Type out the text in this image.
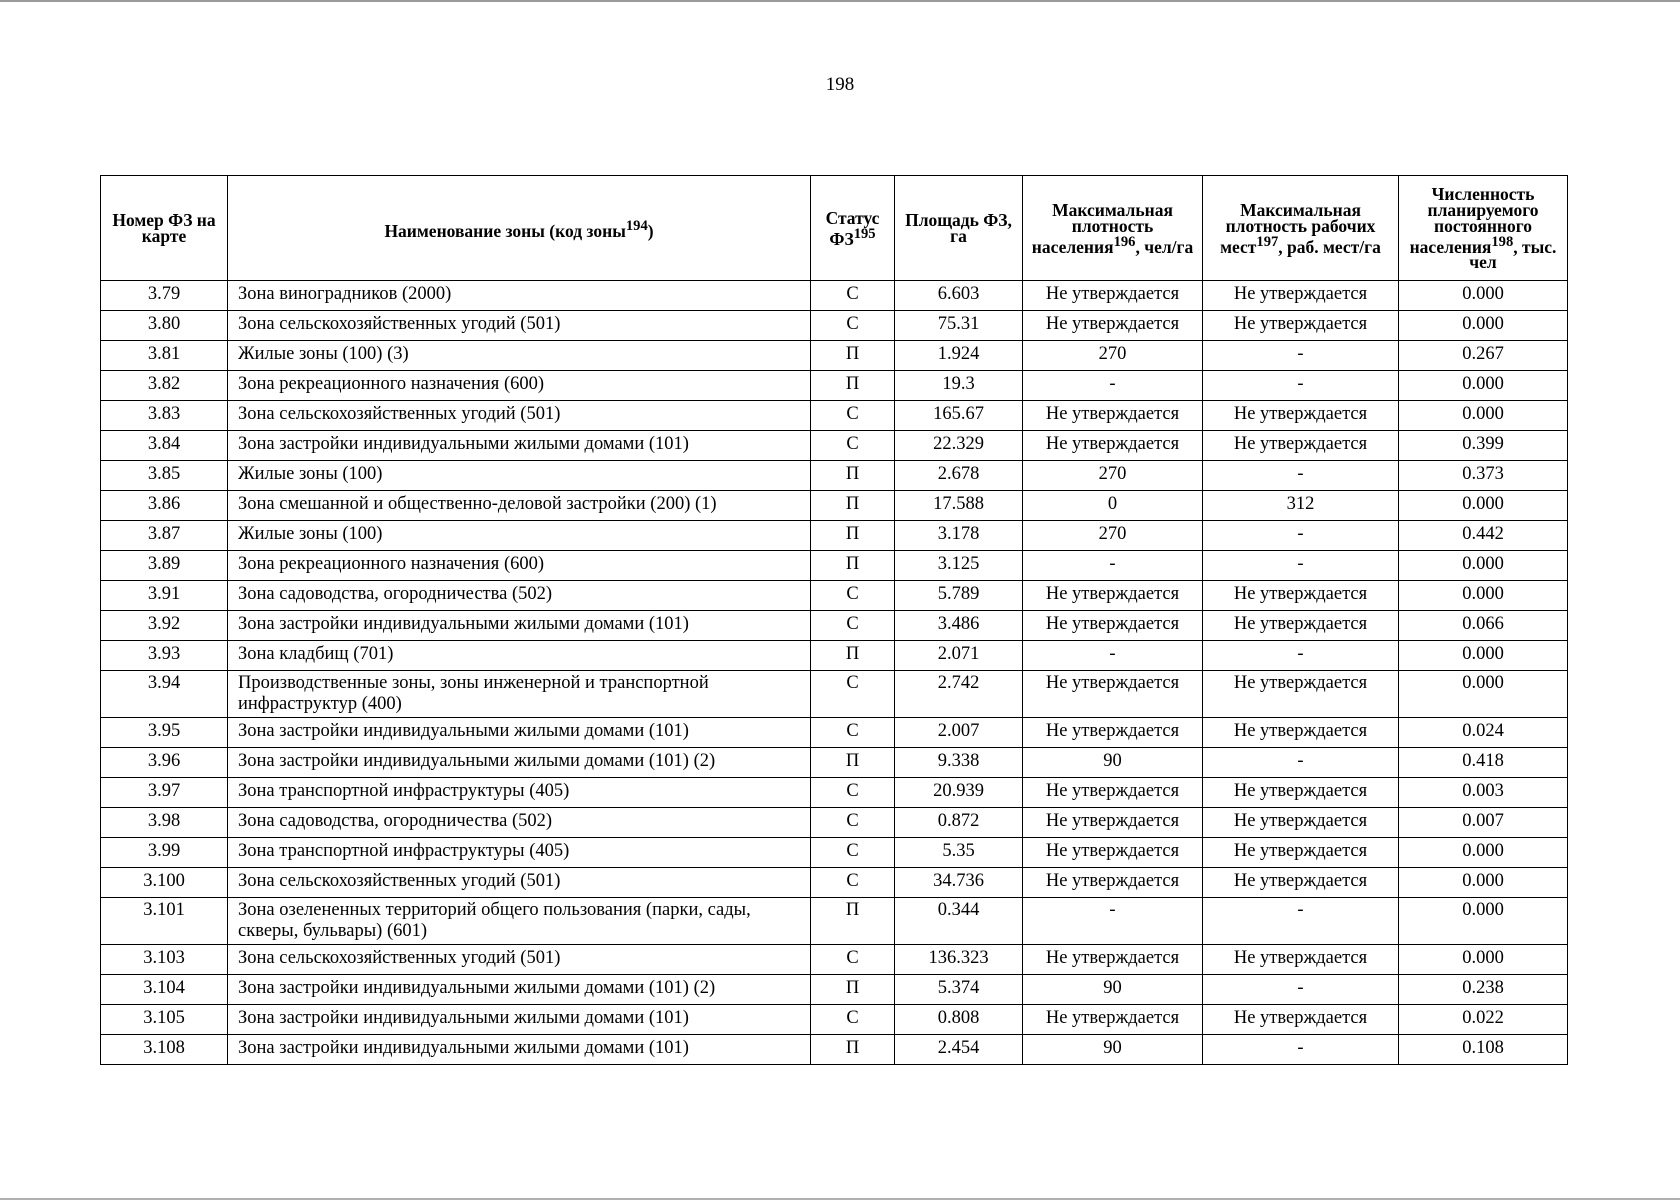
198
Номер ФЗ на карте	Наименование зоны (код зоны$^{194}$)	Статус ФЗ$^{195}$	Площадь ФЗ, га	Максимальная плотность населения$^{196}$, чел/га	Максимальная плотность рабочих мест$^{197}$, раб. мест/га	Численность планируемого постоянного населения$^{198}$, тыс. чел
3.79	Зона виноградников (2000)	С	6.603	Не утверждается	Не утверждается	0.000
3.80	Зона сельскохозяйственных угодий (501)	С	75.31	Не утверждается	Не утверждается	0.000
3.81	Жилые зоны (100) (3)	П	1.924	270	-	0.267
3.82	Зона рекреационного назначения (600)	П	19.3	-	-	0.000
3.83	Зона сельскохозяйственных угодий (501)	С	165.67	Не утверждается	Не утверждается	0.000
3.84	Зона застройки индивидуальными жилыми домами (101)	С	22.329	Не утверждается	Не утверждается	0.399
3.85	Жилые зоны (100)	П	2.678	270	-	0.373
3.86	Зона смешанной и общественно-деловой застройки (200) (1)	П	17.588	0	312	0.000
3.87	Жилые зоны (100)	П	3.178	270	-	0.442
3.89	Зона рекреационного назначения (600)	П	3.125	-	-	0.000
3.91	Зона садоводства, огородничества (502)	С	5.789	Не утверждается	Не утверждается	0.000
3.92	Зона застройки индивидуальными жилыми домами (101)	С	3.486	Не утверждается	Не утверждается	0.066
3.93	Зона кладбищ (701)	П	2.071	-	-	0.000
3.94	Производственные зоны, зоны инженерной и транспортной инфраструктур (400)	С	2.742	Не утверждается	Не утверждается	0.000
3.95	Зона застройки индивидуальными жилыми домами (101)	С	2.007	Не утверждается	Не утверждается	0.024
3.96	Зона застройки индивидуальными жилыми домами (101) (2)	П	9.338	90	-	0.418
3.97	Зона транспортной инфраструктуры (405)	С	20.939	Не утверждается	Не утверждается	0.003
3.98	Зона садоводства, огородничества (502)	С	0.872	Не утверждается	Не утверждается	0.007
3.99	Зона транспортной инфраструктуры (405)	С	5.35	Не утверждается	Не утверждается	0.000
3.100	Зона сельскохозяйственных угодий (501)	С	34.736	Не утверждается	Не утверждается	0.000
3.101	Зона озелененных территорий общего пользования (парки, сады, скверы, бульвары) (601)	П	0.344	-	-	0.000
3.103	Зона сельскохозяйственных угодий (501)	С	136.323	Не утверждается	Не утверждается	0.000
3.104	Зона застройки индивидуальными жилыми домами (101) (2)	П	5.374	90	-	0.238
3.105	Зона застройки индивидуальными жилыми домами (101)	С	0.808	Не утверждается	Не утверждается	0.022
3.108	Зона застройки индивидуальными жилыми домами (101)	П	2.454	90	-	0.108
